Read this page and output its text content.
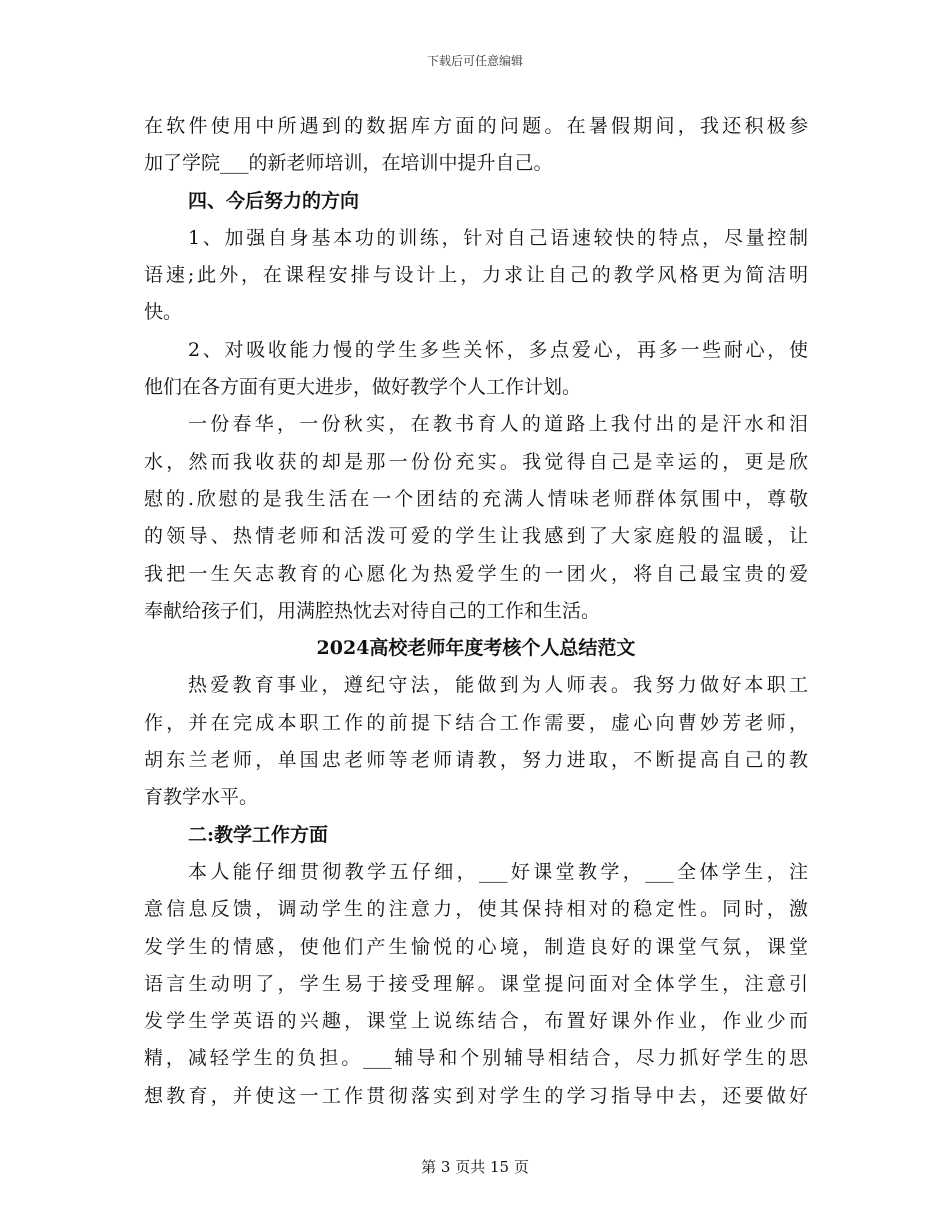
下载后可任意编辑
在软件使用中所遇到的数据库方面的问题。在暑假期间，我还积极参
加了学院___的新老师培训，在培训中提升自己。
四、今后努力的方向
1、加强自身基本功的训练，针对自己语速较快的特点，尽量控制
语速;此外，在课程安排与设计上，力求让自己的教学风格更为简洁明
快。
2、对吸收能力慢的学生多些关怀，多点爱心，再多一些耐心，使
他们在各方面有更大进步，做好教学个人工作计划。
一份春华，一份秋实，在教书育人的道路上我付出的是汗水和泪
水，然而我收获的却是那一份份充实。我觉得自己是幸运的，更是欣
慰的.欣慰的是我生活在一个团结的充满人情味老师群体氛围中，尊敬
的领导、热情老师和活泼可爱的学生让我感到了大家庭般的温暖，让
我把一生矢志教育的心愿化为热爱学生的一团火，将自己最宝贵的爱
奉献给孩子们，用满腔热忱去对待自己的工作和生活。
2024高校老师年度考核个人总结范文
热爱教育事业，遵纪守法，能做到为人师表。我努力做好本职工
作，并在完成本职工作的前提下结合工作需要，虚心向曹妙芳老师，
胡东兰老师，单国忠老师等老师请教，努力进取，不断提高自己的教
育教学水平。
二:教学工作方面
本人能仔细贯彻教学五仔细，___好课堂教学，___全体学生，注
意信息反馈，调动学生的注意力，使其保持相对的稳定性。同时，激
发学生的情感，使他们产生愉悦的心境，制造良好的课堂气氛，课堂
语言生动明了，学生易于接受理解。课堂提问面对全体学生，注意引
发学生学英语的兴趣，课堂上说练结合，布置好课外作业，作业少而
精，减轻学生的负担。___辅导和个别辅导相结合，尽力抓好学生的思
想教育，并使这一工作贯彻落实到对学生的学习指导中去，还要做好
第 3 页共 15 页
